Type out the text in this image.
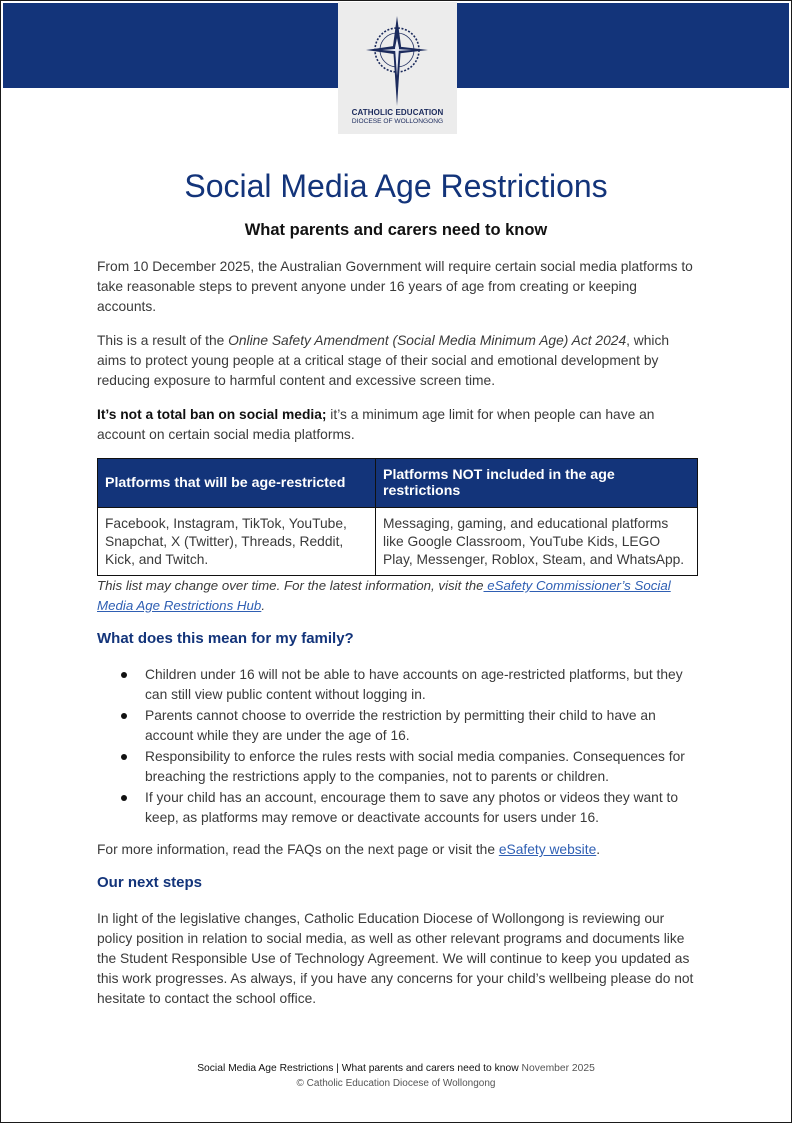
CATHOLIC EDUCATION
DIOCESE OF WOLLONGONG
Social Media Age Restrictions
What parents and carers need to know

From 10 December 2025, the Australian Government will require certain social media platforms to take reasonable steps to prevent anyone under 16 years of age from creating or keeping accounts.

This is a result of the Online Safety Amendment (Social Media Minimum Age) Act 2024, which aims to protect young people at a critical stage of their social and emotional development by reducing exposure to harmful content and excessive screen time.

It’s not a total ban on social media; it’s a minimum age limit for when people can have an account on certain social media platforms.

Platforms that will be age-restricted	Platforms NOT included in the age restrictions
Facebook, Instagram, TikTok, YouTube, Snapchat, X (Twitter), Threads, Reddit, Kick, and Twitch.	Messaging, gaming, and educational platforms like Google Classroom, YouTube Kids, LEGO Play, Messenger, Roblox, Steam, and WhatsApp.

This list may change over time. For the latest information, visit the eSafety Commissioner’s Social Media Age Restrictions Hub.

What does this mean for my family?
Children under 16 will not be able to have accounts on age-restricted platforms, but they can still view public content without logging in.
Parents cannot choose to override the restriction by permitting their child to have an account while they are under the age of 16.
Responsibility to enforce the rules rests with social media companies. Consequences for breaching the restrictions apply to the companies, not to parents or children.
If your child has an account, encourage them to save any photos or videos they want to keep, as platforms may remove or deactivate accounts for users under 16.

For more information, read the FAQs on the next page or visit the eSafety website.

Our next steps

In light of the legislative changes, Catholic Education Diocese of Wollongong is reviewing our policy position in relation to social media, as well as other relevant programs and documents like the Student Responsible Use of Technology Agreement. We will continue to keep you updated as this work progresses. As always, if you have any concerns for your child’s wellbeing please do not hesitate to contact the school office.

Social Media Age Restrictions | What parents and carers need to know November 2025
© Catholic Education Diocese of Wollongong
